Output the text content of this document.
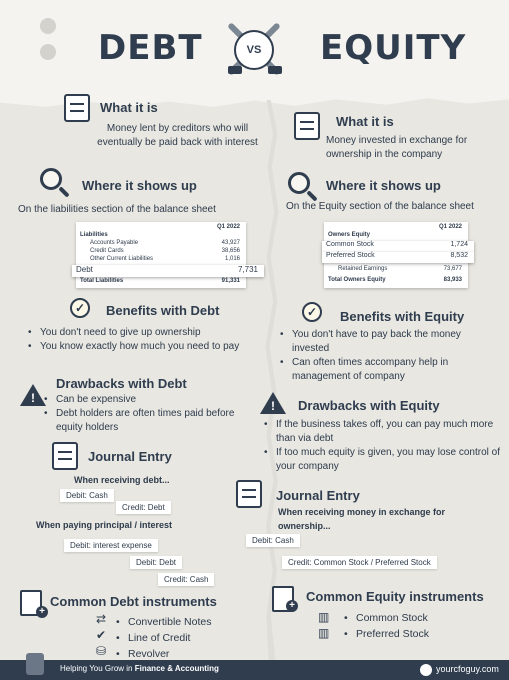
DEBT	EQUITY
VS
What it is
Money lent by creditors who will eventually be paid back with interest
Where it shows up
On the liabilities section of the balance sheet
Q1 2022
Liabilities
Accounts Payable	43,927
Credit Cards	38,656
Other Current Liabilities	1,016
Debt	7,731
Total Liabilities	91,331
✓	Benefits with Debt
• You don't need to give up ownership
• You know exactly how much you need to pay
!
Drawbacks with Debt
• Can be expensive
• Debt holders are often times paid before equity holders
Journal Entry
When receiving debt...
Debit: Cash
Credit: Debt
When paying principal / interest
Debit: interest expense
Debit: Debt
Credit: Cash
+
Common Debt instruments
⇄
✔
⛁
• Convertible Notes
• Line of Credit
• Revolver
What it is
Money invested in exchange for ownership in the company
Where it shows up
On the Equity section of the balance sheet
Q1 2022
Owners Equity
Common Stock	1,724
Preferred Stock	8,532
Retained Earnings	73,677
Total Owners Equity	83,933
✓	Benefits with Equity
• You don't have to pay back the money invested
• Can often times accompany help in management of company
!	Drawbacks with Equity
• If the business takes off, you can pay much more than via debt
• If too much equity is given, you may lose control of your company
Journal Entry
When receiving money in exchange for ownership...
Debit: Cash
Credit: Common Stock / Preferred Stock
+
Common Equity instruments
▥
▥
• Common Stock
• Preferred Stock
Helping You Grow in Finance & Accounting	yourcfoguy.com
